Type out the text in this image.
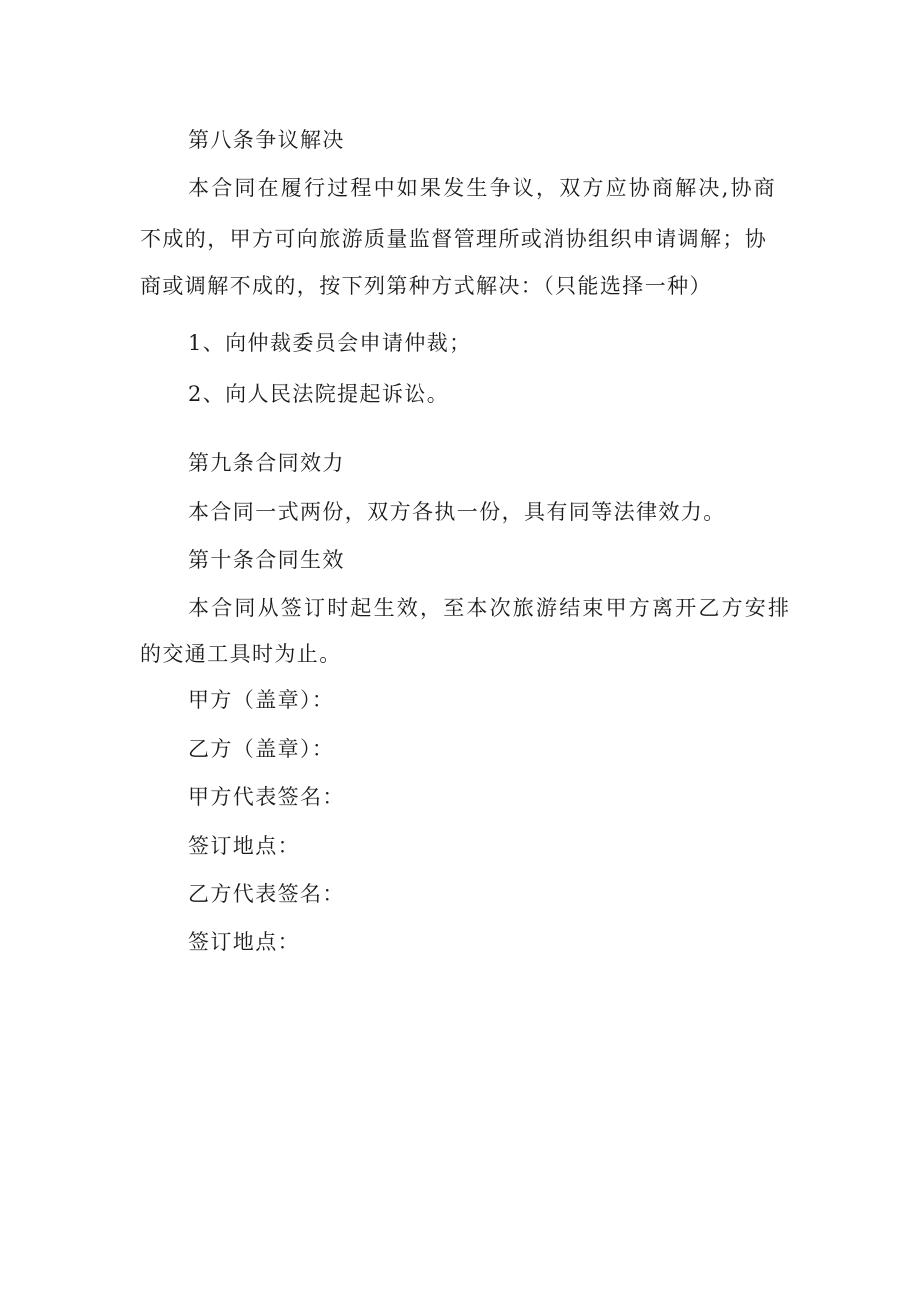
第八条争议解决
本合同在履行过程中如果发生争议，双方应协商解决,协商
不成的，甲方可向旅游质量监督管理所或消协组织申请调解；协
商或调解不成的，按下列第种方式解决：（只能选择一种）
1、向仲裁委员会申请仲裁；
2、向人民法院提起诉讼。
第九条合同效力
本合同一式两份，双方各执一份，具有同等法律效力。
第十条合同生效
本合同从签订时起生效，至本次旅游结束甲方离开乙方安排
的交通工具时为止。
甲方（盖章）：
乙方（盖章）：
甲方代表签名：
签订地点：
乙方代表签名：
签订地点：
